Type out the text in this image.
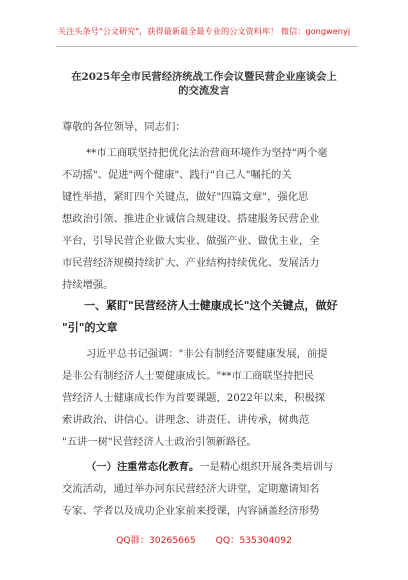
关注头条号"公文研究"，获得最新最全最专业的公文资料库！ 微信：gongwenyj
在2025年全市民营经济统战工作会议暨民营企业座谈会上
的交流发言
尊敬的各位领导，同志们：
**市工商联坚持把优化法治营商环境作为坚持"两个毫
不动摇"、促进"两个健康"、践行"自己人"嘱托的关
键性举措，紧盯四个关键点，做好"四篇文章"，强化思
想政治引领、推进企业诚信合规建设、搭建服务民营企业
平台，引导民营企业做大实业、做强产业、做优主业，全
市民营经济规模持续扩大、产业结构持续优化、发展活力
持续增强。
一、紧盯"民营经济人士健康成长"这个关键点，做好
"引"的文章
习近平总书记强调："非公有制经济要健康发展，前提
是非公有制经济人士要健康成长。"**市工商联坚持把民
营经济人士健康成长作为首要课题，2022年以来，积极探
索讲政治、讲信心、讲理念、讲责任、讲传承，树典范
"五讲一树"民营经济人士政治引领新路径。
（一）注重常态化教育。一是精心组织开展各类培训与
交流活动，通过举办河东民营经济大讲堂，定期邀请知名
专家、学者以及成功企业家前来授课，内容涵盖经济形势
QQ群：30265665 QQ：535304092
